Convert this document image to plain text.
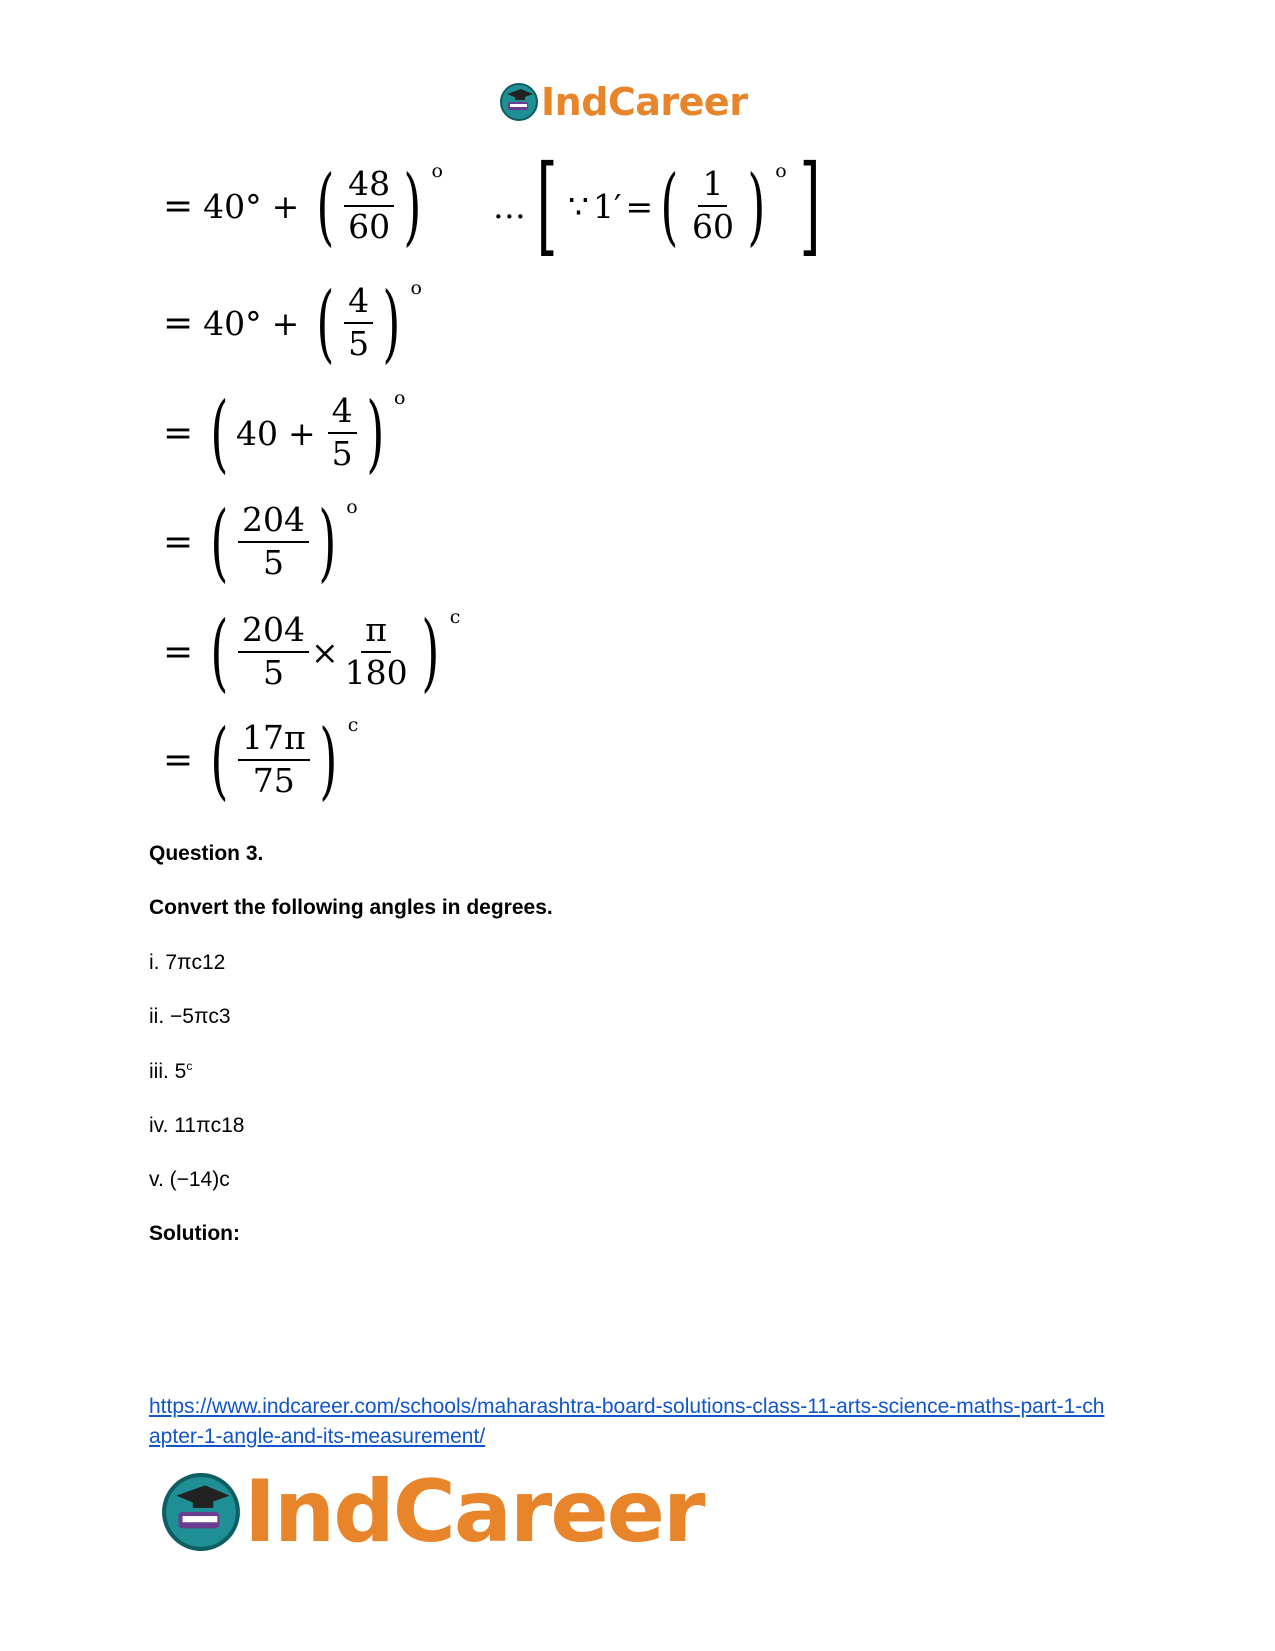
IndCareer
= 40° + ( $\frac{48}{60}$ ) o
… [ ∵ 1′ = ( $\frac{1}{60}$ ) o ]
= 40° + ( $\frac{4}{5}$ ) o
= ( $40 + \frac{4}{5}$ ) o
= ( $\frac{204}{5}$ ) o
= ( $\frac{204}{5} \times \frac{\pi}{180}$ ) c
= ( $\frac{17\pi}{75}$ ) c
Question 3.
Convert the following angles in degrees.
i. 7πc12
ii. −5πc3
iii. 5$^c$
iv. 11πc18
v. (−14)c
Solution:
https://www.indcareer.com/schools/maharashtra-board-solutions-class-11-arts-science-maths-part-1-chapter-1-angle-and-its-measurement/
IndCareer
